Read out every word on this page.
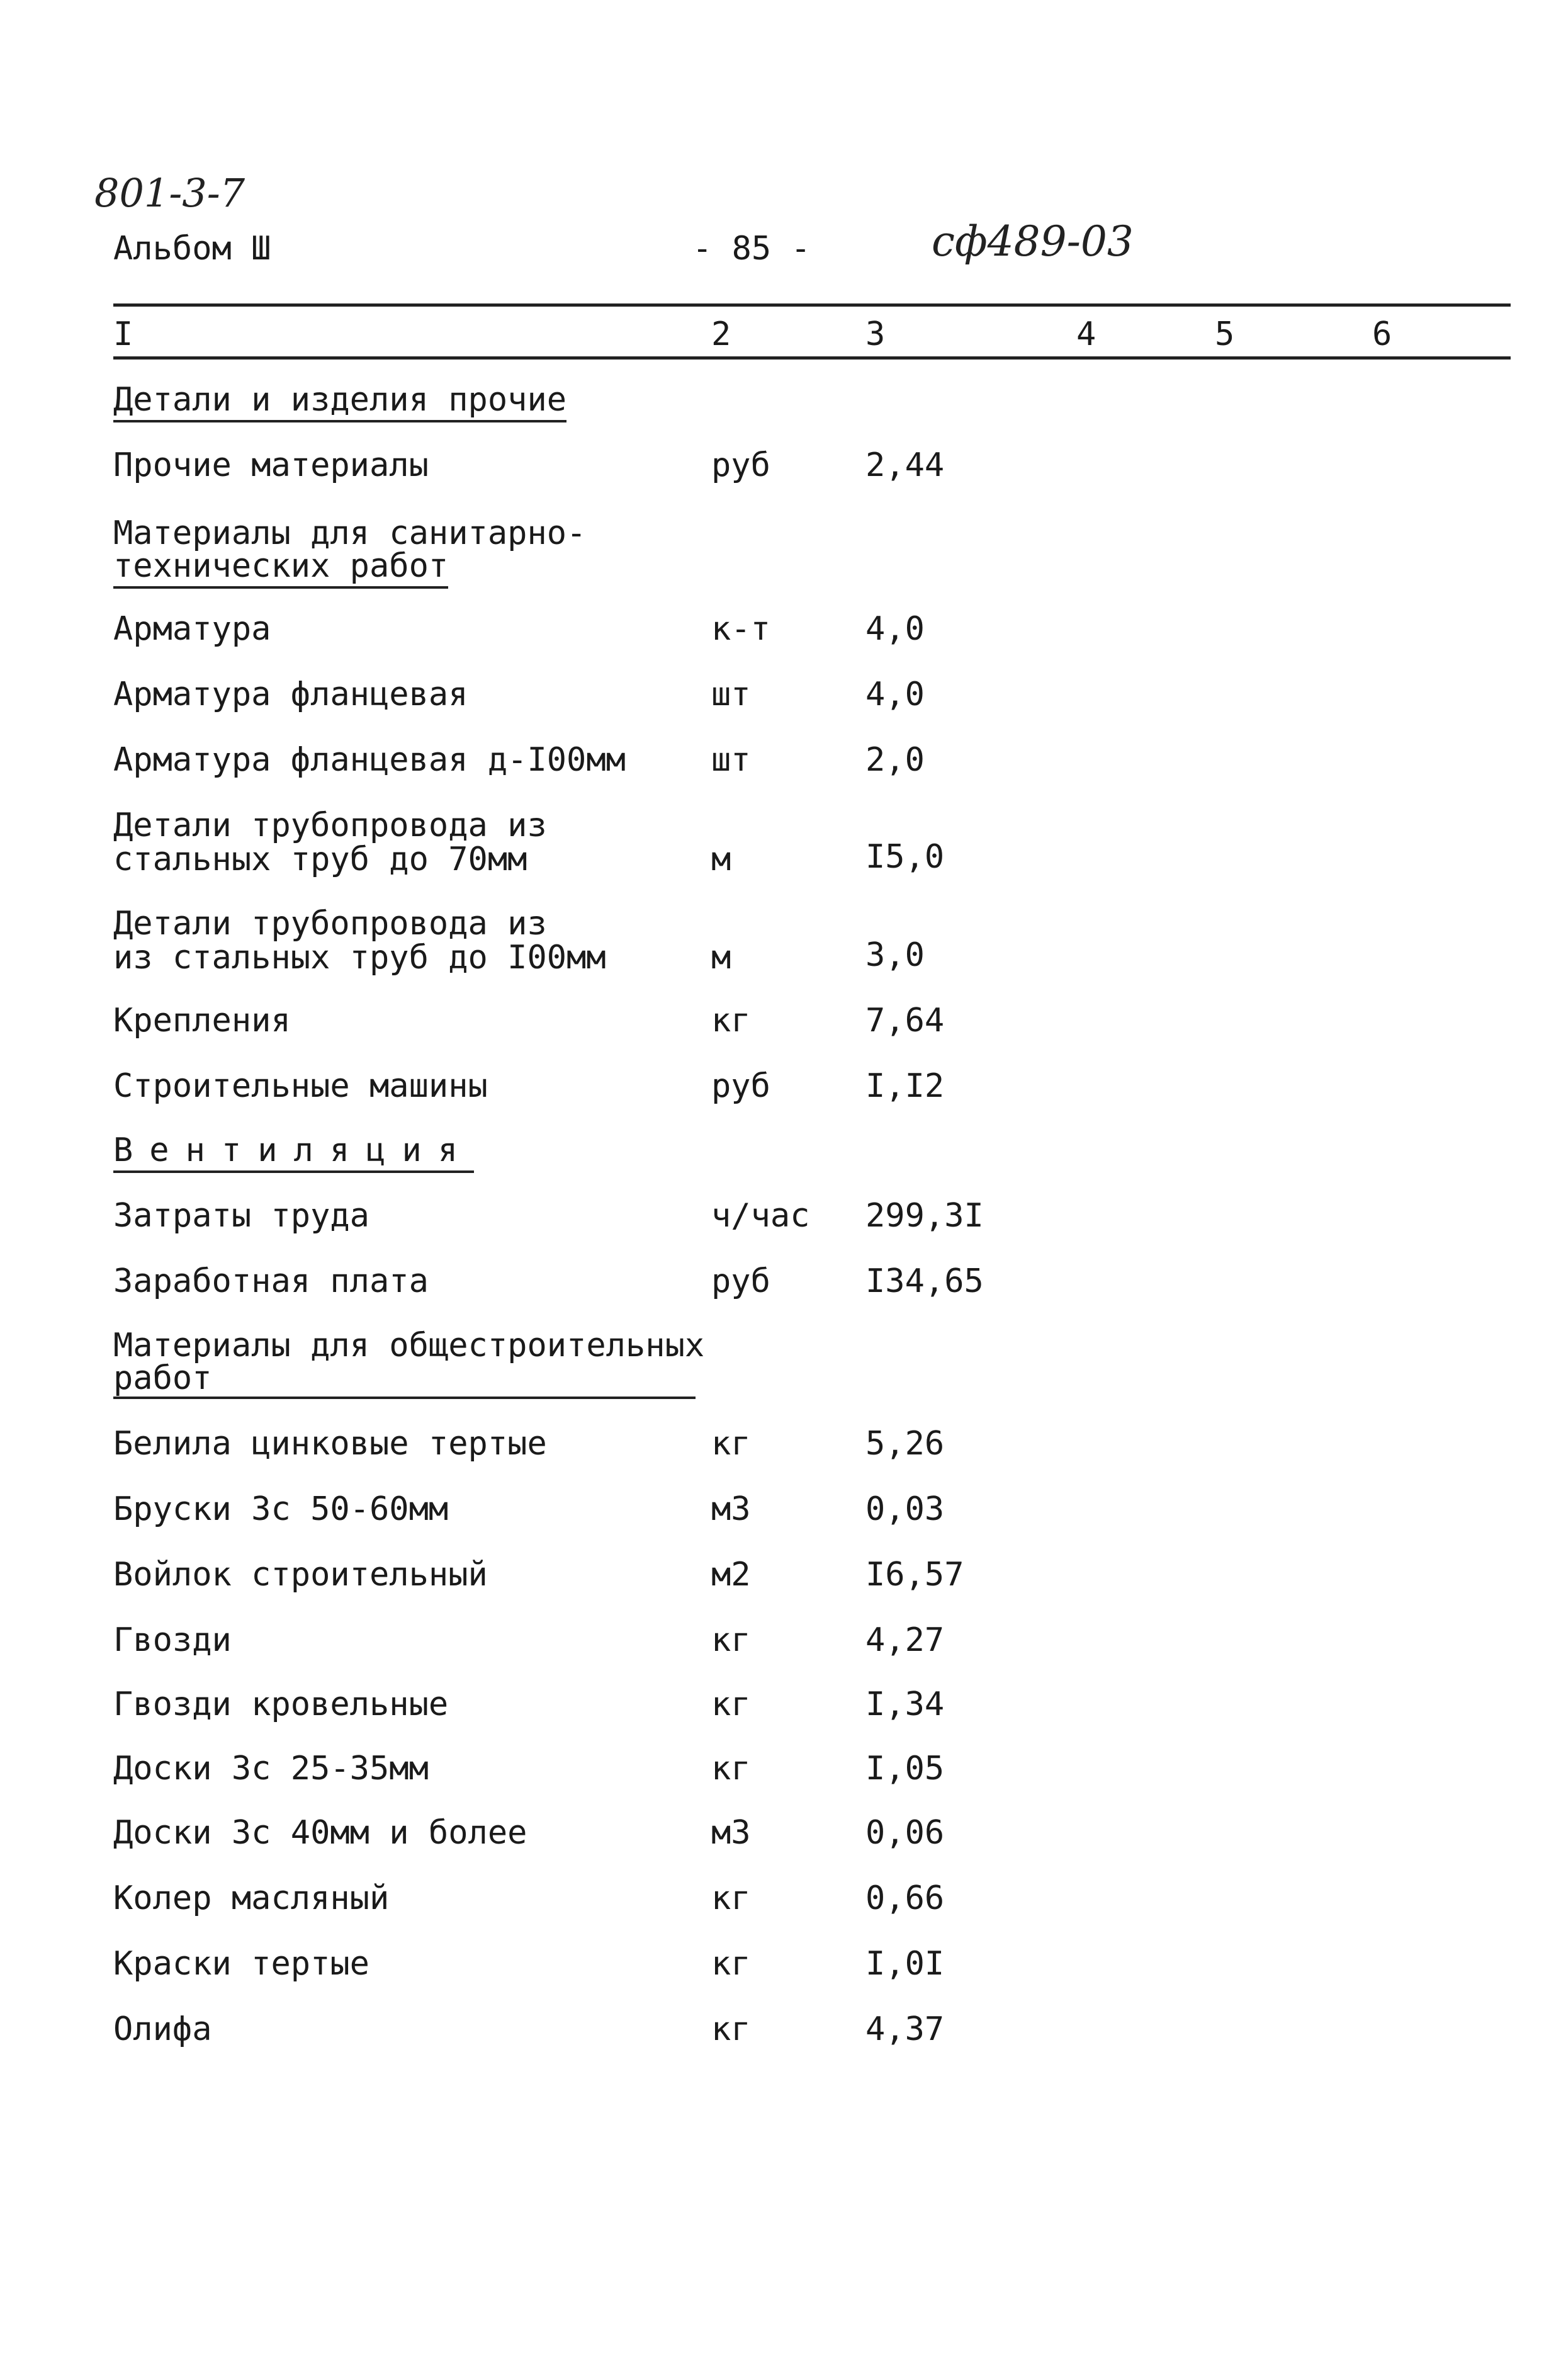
801-3-7
Альбом Ш	- 85 -	сф489-03
I	2	3	4	5	6
Детали и изделия прочие
Прочие материалы	руб	2,44
Материалы для санитарно-
технических работ
Арматура	к-т	4,0
Арматура фланцевая	шт	4,0
Арматура фланцевая д-I00мм	шт	2,0
Детали трубопровода из
стальных труб до 70мм	м	I5,0
Детали трубопровода из
из стальных труб до I00мм	м	3,0
Крепления	кг	7,64
Строительные машины	руб	I,I2
Вентиляция
Затраты труда	ч/час 299,3I
Заработная плата	руб	I34,65
Материалы для общестроительных
работ
Белила цинковые тертые	кг	5,26
Бруски 3с 50-60мм	м3	0,03
Войлок строительный	м2	I6,57
Гвозди	кг	4,27
Гвозди кровельные	кг	I,34
Доски 3с 25-35мм	кг	I,05
Доски 3с 40мм и более	м3	0,06
Колер масляный	кг	0,66
Краски тертые	кг	I,0I
Олифа	кг	4,37
